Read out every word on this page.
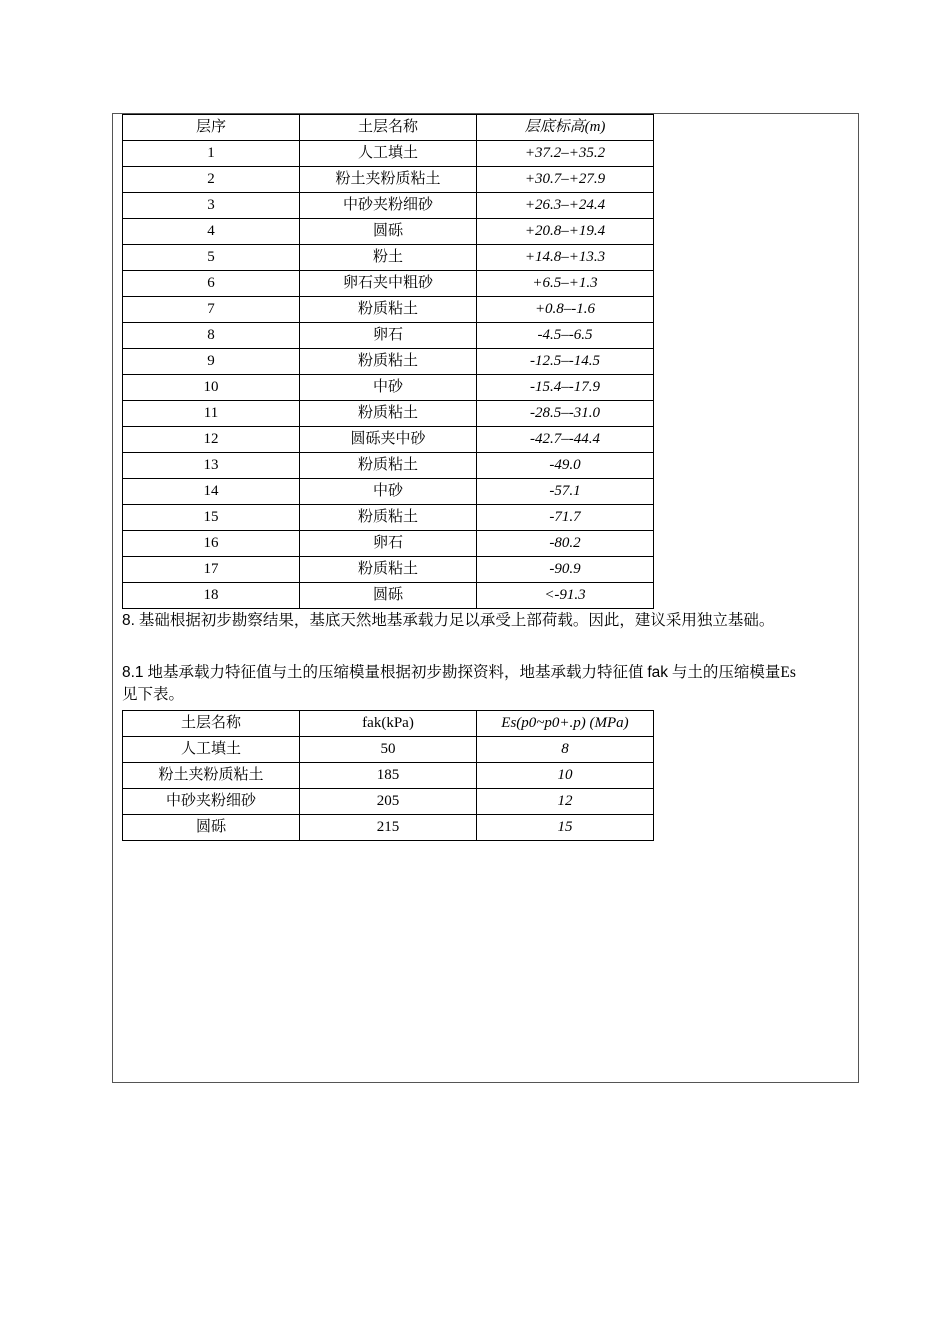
层序	土层名称	层底标高(m)
1	人工填土	+37.2–+35.2
2	粉土夹粉质粘土	+30.7–+27.9
3	中砂夹粉细砂	+26.3–+24.4
4	圆砾	+20.8–+19.4
5	粉土	+14.8–+13.3
6	卵石夹中粗砂	+6.5–+1.3
7	粉质粘土	+0.8–-1.6
8	卵石	-4.5–-6.5
9	粉质粘土	-12.5–-14.5
10	中砂	-15.4–-17.9
11	粉质粘土	-28.5–-31.0
12	圆砾夹中砂	-42.7–-44.4
13	粉质粘土	-49.0
14	中砂	-57.1
15	粉质粘土	-71.7
16	卵石	-80.2
17	粉质粘土	-90.9
18	圆砾	<-91.3

8. 基础根据初步勘察结果，基底天然地基承载力足以承受上部荷载。因此，建议采用独立基础。

8.1 地基承载力特征值与土的压缩模量根据初步勘探资料，地基承载力特征值 fak 与土的压缩模量Es见下表。

土层名称	fak(kPa)	Es(p0~p0+.p) (MPa)
人工填土	50	8
粉土夹粉质粘土	185	10
中砂夹粉细砂	205	12
圆砾	215	15
